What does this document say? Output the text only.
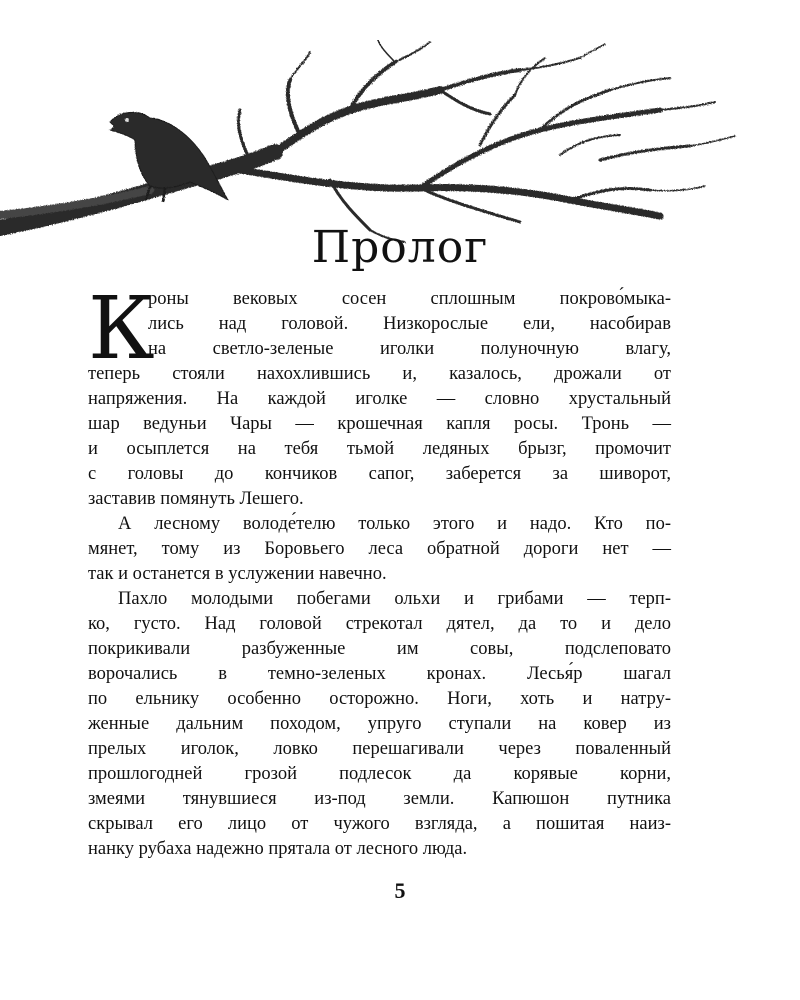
Пролог
К
роны вековых сосен сплошным покрово́мыка-
лись над головой. Низкорослые ели, насобирав
на светло-зеленые иголки полуночную влагу,
теперь стояли нахохлившись и, казалось, дрожали от
напряжения. На каждой иголке — словно хрустальный
шар ведуньи Чары — крошечная капля росы. Тронь —
и осыплется на тебя тьмой ледяных брызг, промочит
с головы до кончиков сапог, заберется за шиворот,
заставив помянуть Лешего.
А лесному володе́телю только этого и надо. Кто по-
мянет, тому из Боровьего леса обратной дороги нет —
так и останется в услужении навечно.
Пахло молодыми побегами ольхи и грибами — терп-
ко, густо. Над головой стрекотал дятел, да то и дело
покрикивали разбуженные им совы, подслеповато
ворочались в темно-зеленых кронах. Лесья́р шагал
по ельнику особенно осторожно. Ноги, хоть и натру-
женные дальним походом, упруго ступали на ковер из
прелых иголок, ловко перешагивали через поваленный
прошлогодней грозой подлесок да корявые корни,
змеями тянувшиеся из-под земли. Капюшон путника
скрывал его лицо от чужого взгляда, а пошитая наиз-
нанку рубаха надежно прятала от лесного люда.
5
